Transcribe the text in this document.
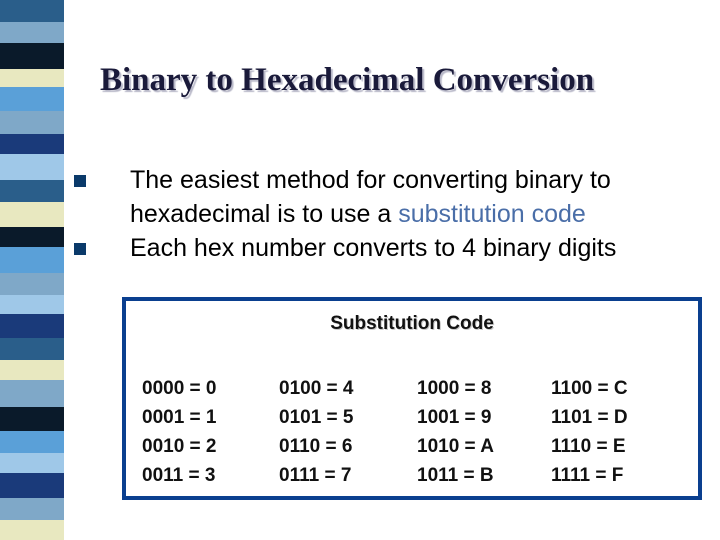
Binary to Hexadecimal Conversion
The easiest method for converting binary to hexadecimal is to use a substitution code
Each hex number converts to 4 binary digits
Substitution Code
0000 = 0	0100 = 4	1000 = 8	1100 = C
0001 = 1	0101 = 5	1001 = 9	1101 = D
0010 = 2	0110 = 6	1010 = A	1110 = E
0011 = 3	0111 = 7	1011 = B	1111 = F
